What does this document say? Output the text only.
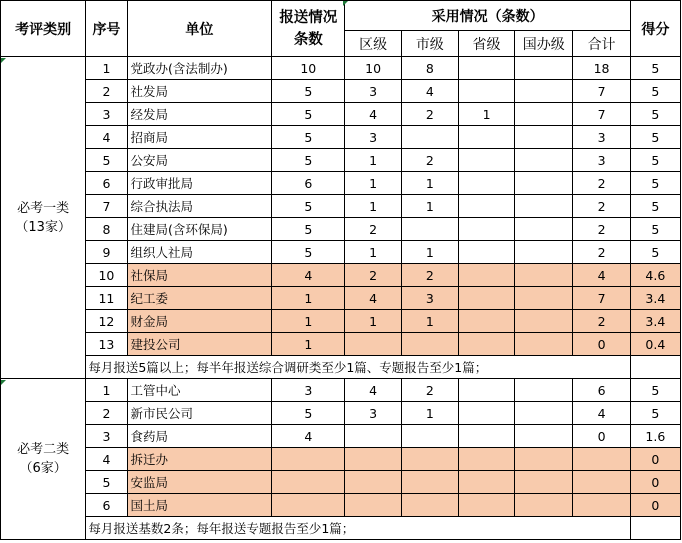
考评类别	序号	单位	报送情况条数	采用情况（条数）					得分
				区级	市级	省级	国办级	合计	

必考一类
（13家）	1	党政办(含法制办)	10	10	8			18	5
	2	社发局	5	3	4			7	5
	3	经发局	5	4	2	1		7	5
	4	招商局	5	3				3	5
	5	公安局	5	1	2			3	5
	6	行政审批局	6	1	1			2	5
	7	综合执法局	5	1	1			2	5
	8	住建局(含环保局)	5	2				2	5
	9	组织人社局	5	1	1			2	5
	10	社保局	4	2	2			4	4.6
	11	纪工委	1	4	3			7	3.4
	12	财金局	1	1	1			2	3.4
	13	建投公司	1					0	0.4
	每月报送5篇以上；每半年报送综合调研类至少1篇、专题报告至少1篇；								

必考二类
（6家）	1	工管中心	3	4	2			6	5
	2	新市民公司	5	3	1			4	5
	3	食药局	4					0	1.6
	4	拆迁办							0
	5	安监局							0
	6	国土局							0
	每月报送基数2条；每年报送专题报告至少1篇；								
